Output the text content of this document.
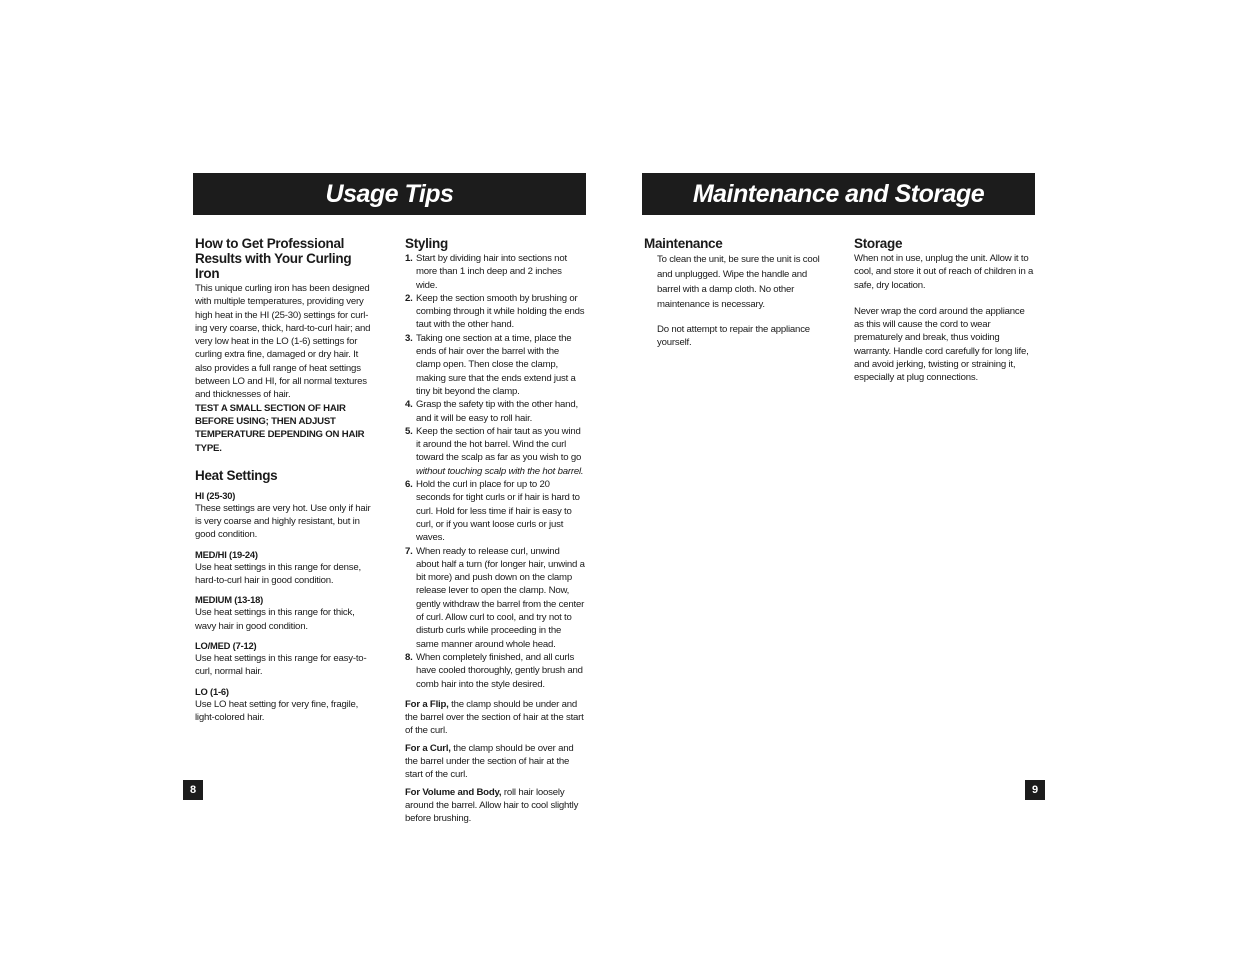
Usage Tips
How to Get Professional Results with Your Curling Iron

This unique curling iron has been designed with multiple temperatures, providing very high heat in the HI (25-30) settings for curling very coarse, thick, hard-to-curl hair; and very low heat in the LO (1-6) settings for curling extra fine, damaged or dry hair. It also provides a full range of heat settings between LO and HI, for all normal textures and thicknesses of hair.

TEST A SMALL SECTION OF HAIR BEFORE USING; THEN ADJUST TEMPERATURE DEPENDING ON HAIR TYPE.

Heat Settings
HI (25-30)

These settings are very hot. Use only if hair is very coarse and highly resistant, but in good condition.

MED/HI (19-24)

Use heat settings in this range for dense, hard-to-curl hair in good condition.

MEDIUM (13-18)

Use heat settings in this range for thick, wavy hair in good condition.

LO/MED (7-12)

Use heat settings in this range for easy-to-curl, normal hair.

LO (1-6)

Use LO heat setting for very fine, fragile, light-colored hair.

Styling
1. Start by dividing hair into sections not more than 1 inch deep and 2 inches wide.
2. Keep the section smooth by brushing or combing through it while holding the ends taut with the other hand.
3. Taking one section at a time, place the ends of hair over the barrel with the clamp open. Then close the clamp, making sure that the ends extend just a tiny bit beyond the clamp.
4. Grasp the safety tip with the other hand, and it will be easy to roll hair.
5. Keep the section of hair taut as you wind it around the hot barrel. Wind the curl toward the scalp as far as you wish to go without touching scalp with the hot barrel.
6. Hold the curl in place for up to 20 seconds for tight curls or if hair is hard to curl. Hold for less time if hair is easy to curl, or if you want loose curls or just waves.
7. When ready to release curl, unwind about half a turn (for longer hair, unwind a bit more) and push down on the clamp release lever to open the clamp. Now, gently withdraw the barrel from the center of curl. Allow curl to cool, and try not to disturb curls while proceeding in the same manner around whole head.
8. When completely finished, and all curls have cooled thoroughly, gently brush and comb hair into the style desired.

For a Flip, the clamp should be under and the barrel over the section of hair at the start of the curl.

For a Curl, the clamp should be over and the barrel under the section of hair at the start of the curl.

For Volume and Body, roll hair loosely around the barrel. Allow hair to cool slightly before brushing.

8
Maintenance and Storage
Maintenance

To clean the unit, be sure the unit is cool and unplugged. Wipe the handle and barrel with a damp cloth. No other maintenance is necessary.

Do not attempt to repair the appliance yourself.

Storage

When not in use, unplug the unit. Allow it to cool, and store it out of reach of children in a safe, dry location.

Never wrap the cord around the appliance as this will cause the cord to wear prematurely and break, thus voiding warranty. Handle cord carefully for long life, and avoid jerking, twisting or straining it, especially at plug connections.

9
